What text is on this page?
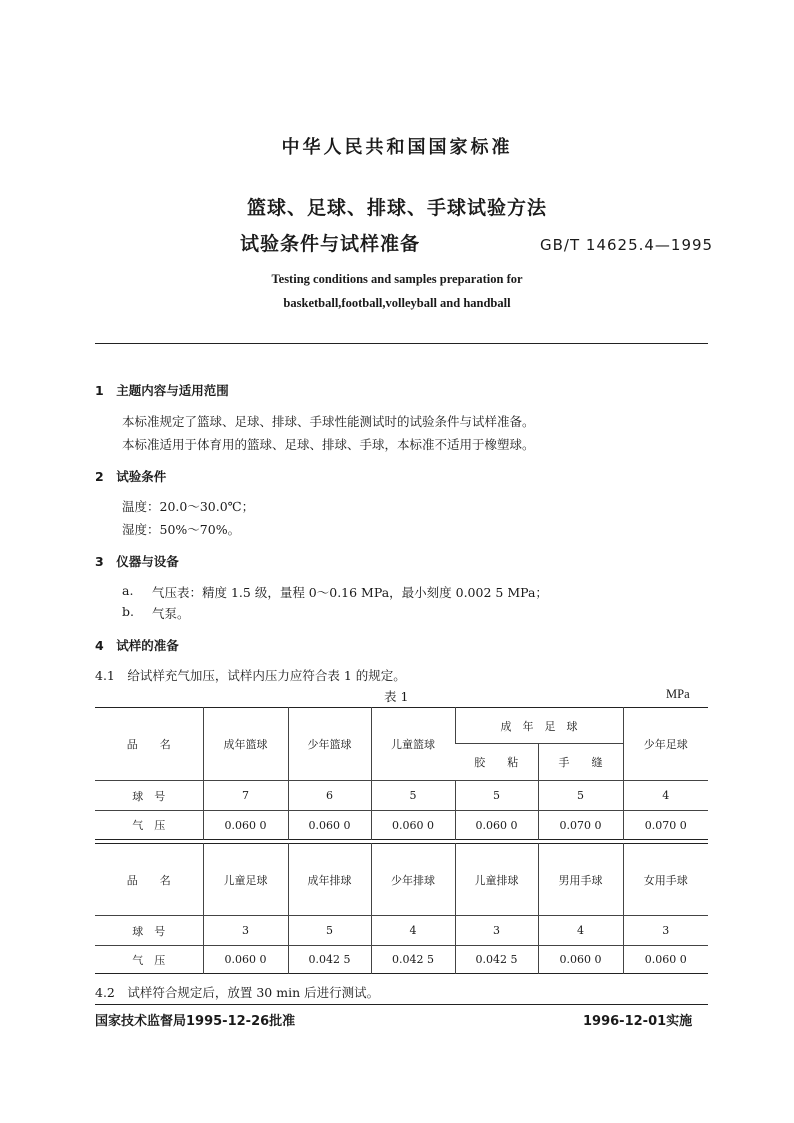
中华人民共和国国家标准
篮球、足球、排球、手球试验方法
试验条件与试样准备	GB/T 14625.4—1995
Testing conditions and samples preparation for
basketball,football,volleyball and handball
1　主题内容与适用范围
本标准规定了篮球、足球、排球、手球性能测试时的试验条件与试样准备。
本标准适用于体育用的篮球、足球、排球、手球，本标准不适用于橡塑球。
2　试验条件
温度：20.0～30.0℃；
湿度：50%～70%。
3　仪器与设备
a. 气压表：精度 1.5 级，量程 0～0.16 MPa，最小刻度 0.002 5 MPa；
b. 气泵。
4　试样的准备
4.1　给试样充气加压，试样内压力应符合表 1 的规定。
表 1	MPa
品　　名	成年篮球	少年篮球	儿童篮球	成　年　足　球		少年足球
				胶　　粘	手　　缝	
球　号	7	6	5	5	5	4
气　压	0.060 0	0.060 0	0.060 0	0.060 0	0.070 0	0.070 0
品　　名	儿童足球	成年排球	少年排球	儿童排球	男用手球	女用手球
球　号	3	5	4	3	4	3
气　压	0.060 0	0.042 5	0.042 5	0.042 5	0.060 0	0.060 0
4.2　试样符合规定后，放置 30 min 后进行测试。
国家技术监督局1995-12-26批准	1996-12-01实施
